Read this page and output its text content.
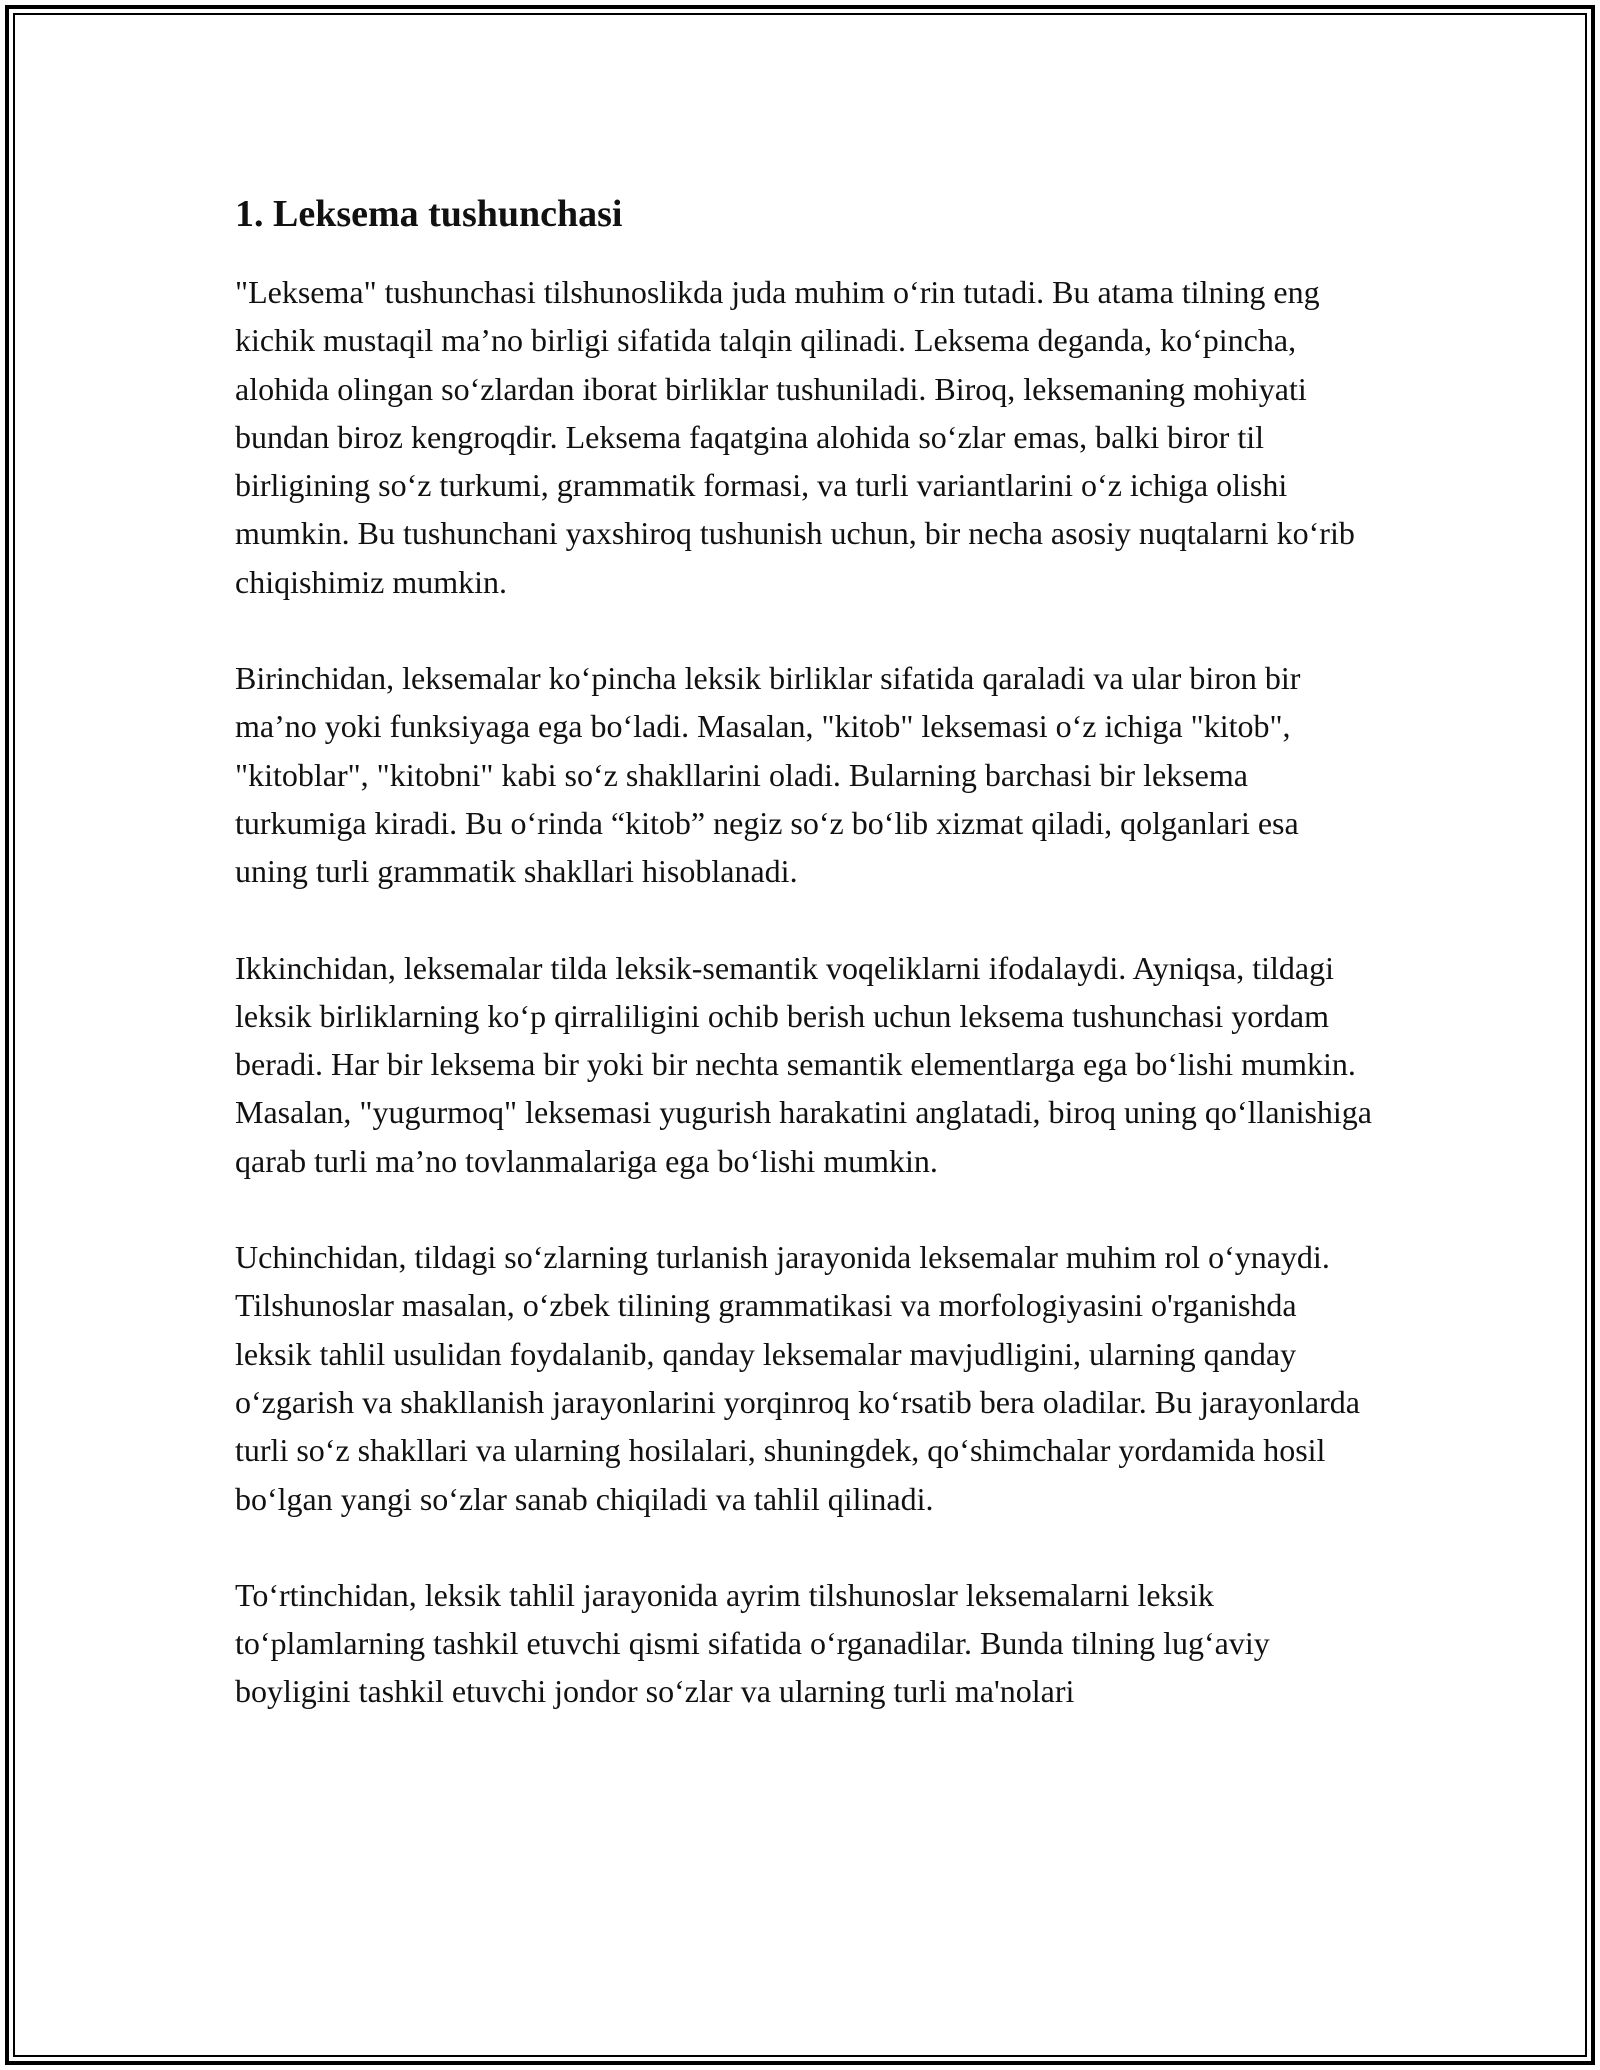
1. Leksema tushunchasi

"Leksema" tushunchasi tilshunoslikda juda muhim o‘rin tutadi. Bu atama tilning eng kichik mustaqil ma’no birligi sifatida talqin qilinadi. Leksema deganda, ko‘pincha, alohida olingan so‘zlardan iborat birliklar tushuniladi. Biroq, leksemaning mohiyati bundan biroz kengroqdir. Leksema faqatgina alohida so‘zlar emas, balki biror til birligining so‘z turkumi, grammatik formasi, va turli variantlarini o‘z ichiga olishi mumkin. Bu tushunchani yaxshiroq tushunish uchun, bir necha asosiy nuqtalarni ko‘rib chiqishimiz mumkin.

Birinchidan, leksemalar ko‘pincha leksik birliklar sifatida qaraladi va ular biron bir ma’no yoki funksiyaga ega bo‘ladi. Masalan, "kitob" leksemasi o‘z ichiga "kitob", "kitoblar", "kitobni" kabi so‘z shakllarini oladi. Bularning barchasi bir leksema turkumiga kiradi. Bu o‘rinda “kitob” negiz so‘z bo‘lib xizmat qiladi, qolganlari esa uning turli grammatik shakllari hisoblanadi.

Ikkinchidan, leksemalar tilda leksik-semantik voqeliklarni ifodalaydi. Ayniqsa, tildagi leksik birliklarning ko‘p qirraliligini ochib berish uchun leksema tushunchasi yordam beradi. Har bir leksema bir yoki bir nechta semantik elementlarga ega bo‘lishi mumkin. Masalan, "yugurmoq" leksemasi yugurish harakatini anglatadi, biroq uning qo‘llanishiga qarab turli ma’no tovlanmalariga ega bo‘lishi mumkin.

Uchinchidan, tildagi so‘zlarning turlanish jarayonida leksemalar muhim rol o‘ynaydi. Tilshunoslar masalan, o‘zbek tilining grammatikasi va morfologiyasini o'rganishda leksik tahlil usulidan foydalanib, qanday leksemalar mavjudligini, ularning qanday o‘zgarish va shakllanish jarayonlarini yorqinroq ko‘rsatib bera oladilar. Bu jarayonlarda turli so‘z shakllari va ularning hosilalari, shuningdek, qo‘shimchalar yordamida hosil bo‘lgan yangi so‘zlar sanab chiqiladi va tahlil qilinadi.

To‘rtinchidan, leksik tahlil jarayonida ayrim tilshunoslar leksemalarni leksik to‘plamlarning tashkil etuvchi qismi sifatida o‘rganadilar. Bunda tilning lug‘aviy boyligini tashkil etuvchi jondor so‘zlar va ularning turli ma'nolari
